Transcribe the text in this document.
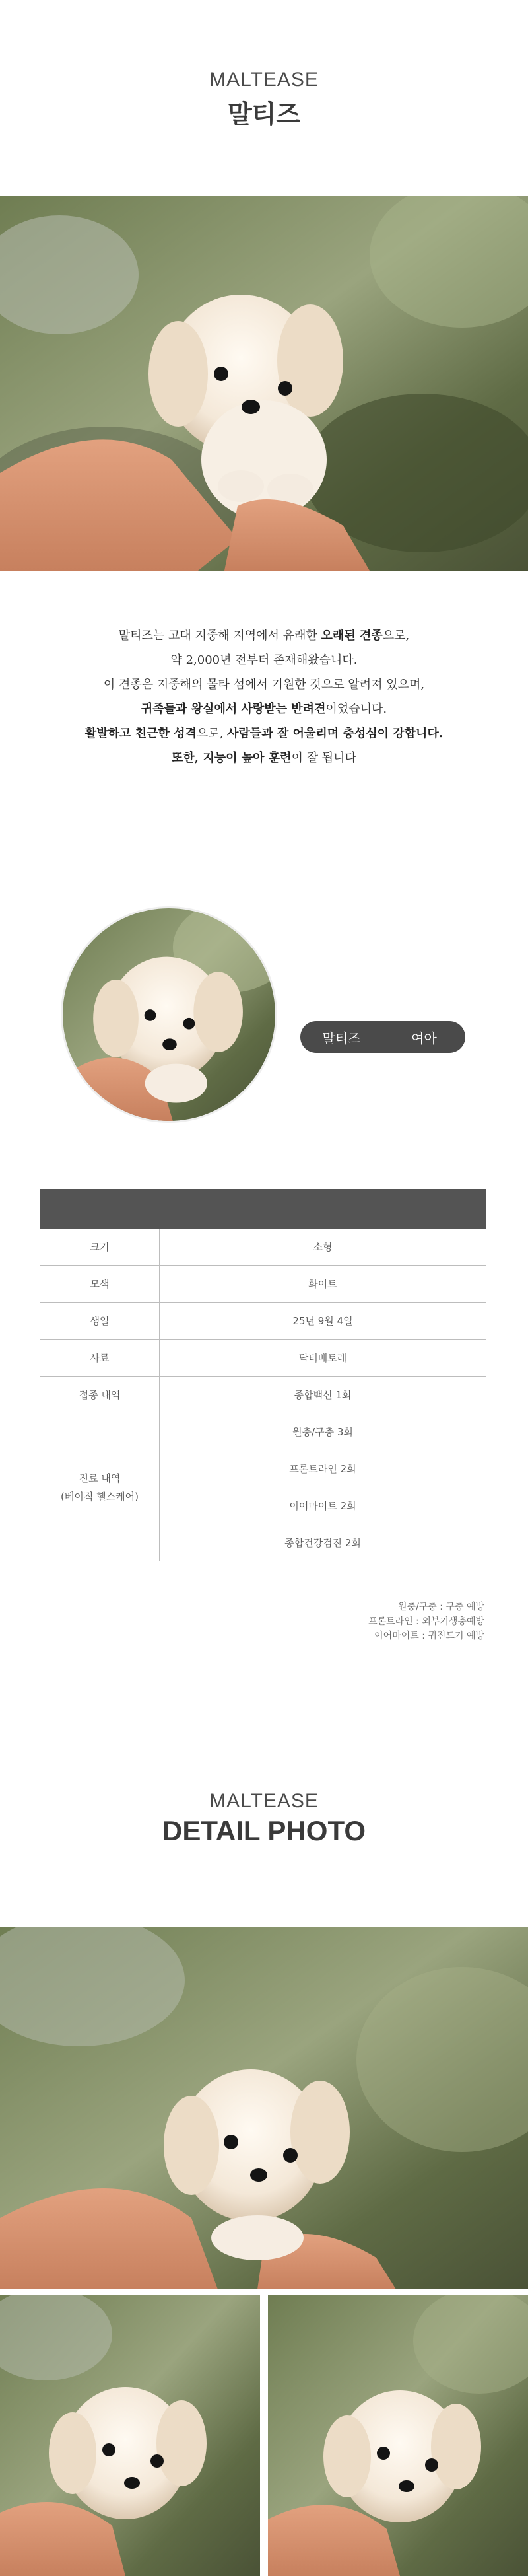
MALTEASE
말티즈

말티즈는 고대 지중해 지역에서 유래한 오래된 견종으로,

약 2,000년 전부터 존재해왔습니다.

이 견종은 지중해의 몰타 섬에서 기원한 것으로 알려져 있으며,

귀족들과 왕실에서 사랑받는 반려견이었습니다.

활발하고 친근한 성격으로, 사람들과 잘 어울리며 충성심이 강합니다.

또한, 지능이 높아 훈련이 잘 됩니다

말티즈	여아

크기	소형
모색	화이트
생일	25년 9월 4일
사료	닥터배토레
접종 내역	종합백신 1회

진료 내역
(베이직 헬스케어)	원충/구충 3회
	프론트라인 2회
	이어마이트 2회
	종합건강검진 2회
원충/구충 : 구충 예방
프론트라인 : 외부기생충예방
이어마이트 : 귀진드기 예방
MALTEASE
DETAIL PHOTO
